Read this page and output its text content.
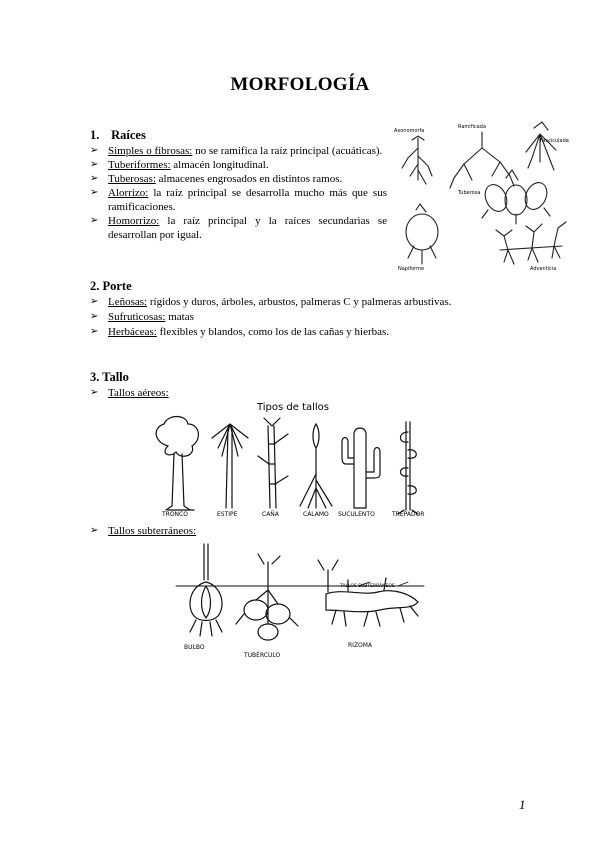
MORFOLOGÍA
1. Raíces
➢ Simples o fibrosas: no se ramifica la raíz principal (acuáticas).
➢ Tuberiformes: almacén longitudinal.
➢ Tuberosas: almacenes engrosados en distintos ramos.
➢ Alorrizo: la raíz principal se desarrolla mucho más que sus ramificaciones.
➢ Homorrizo: la raíz principal y la raíces secundarias se desarrollan por igual.
Axonomorfa
Ramificada
Fasciculada
Tuberosa
Napiforme	Adventicia
2. Porte
➢ Leñosas: rígidos y duros, árboles, arbustos, palmeras C y palmeras arbustivas.
➢ Sufruticosas: matas
➢ Herbáceas: flexibles y blandos, como los de las cañas y hierbas.
3. Tallo
➢ Tallos aéreos:
Tipos de tallos
TRONCO	ESTIPE	CAÑA	CÁLAMO SUCULENTO	TREPADOR
➢ Tallos subterráneos:
BULBO
TUBÉRCULO
RIZOMA
TALLOS SUBTERRÁNEOS
1
